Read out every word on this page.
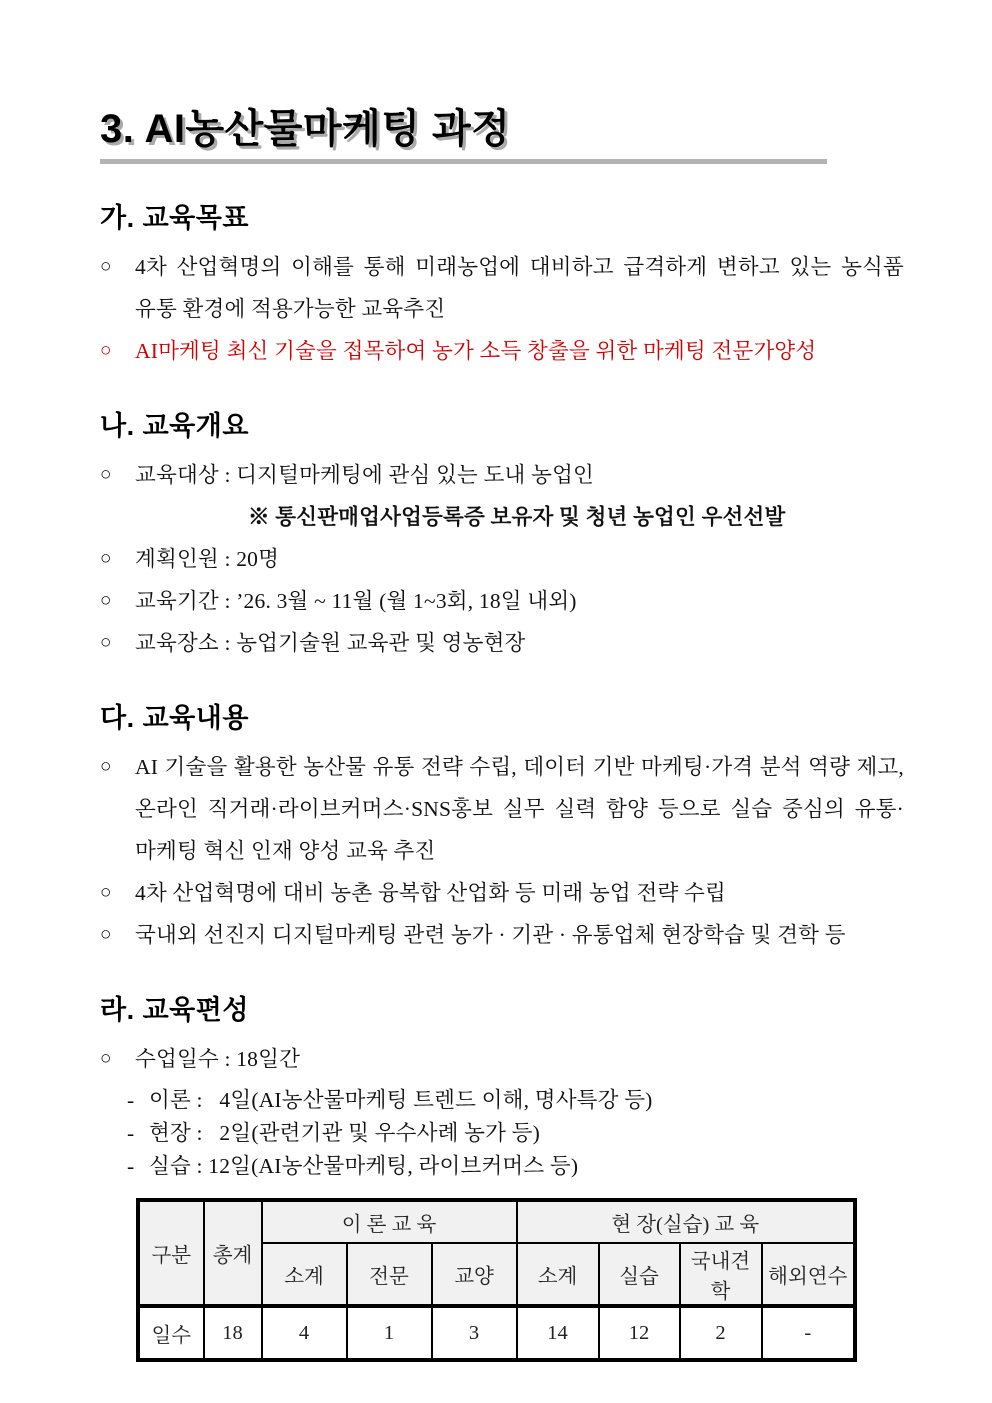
3. AI농산물마케팅 과정
가. 교육목표
○	4차 산업혁명의 이해를 통해 미래농업에 대비하고 급격하게 변하고 있는 농식품 유통 환경에 적용가능한 교육추진
○	AI마케팅 최신 기술을 접목하여 농가 소득 창출을 위한 마케팅 전문가양성
나. 교육개요
○	교육대상 : 디지털마케팅에 관심 있는 도내 농업인
※ 통신판매업사업등록증 보유자 및 청년 농업인 우선선발
○	계획인원 : 20명
○	교육기간 : ’26. 3월 ~ 11월 (월 1~3회, 18일 내외)
○	교육장소 : 농업기술원 교육관 및 영농현장
다. 교육내용
○	AI 기술을 활용한 농산물 유통 전략 수립, 데이터 기반 마케팅·가격 분석 역량 제고, 온라인 직거래·라이브커머스·SNS홍보 실무 실력 함양 등으로 실습 중심의 유통·마케팅 혁신 인재 양성 교육 추진
○	4차 산업혁명에 대비 농촌 융복합 산업화 등 미래 농업 전략 수립
○	국내외 선진지 디지털마케팅 관련 농가 · 기관 · 유통업체 현장학습 및 견학 등
라. 교육편성
○	수업일수 : 18일간
- 이론 :   4일(AI농산물마케팅 트렌드 이해, 명사특강 등)
- 현장 :   2일(관련기관 및 우수사례 농가 등)
- 실습 : 12일(AI농산물마케팅, 라이브커머스 등)
구분	총계	이 론 교 육			현 장(실습) 교 육			
		소계	전문	교양	소계	실습	국내견학	해외연수
일수	18	4	1	3	14	12	2	-
